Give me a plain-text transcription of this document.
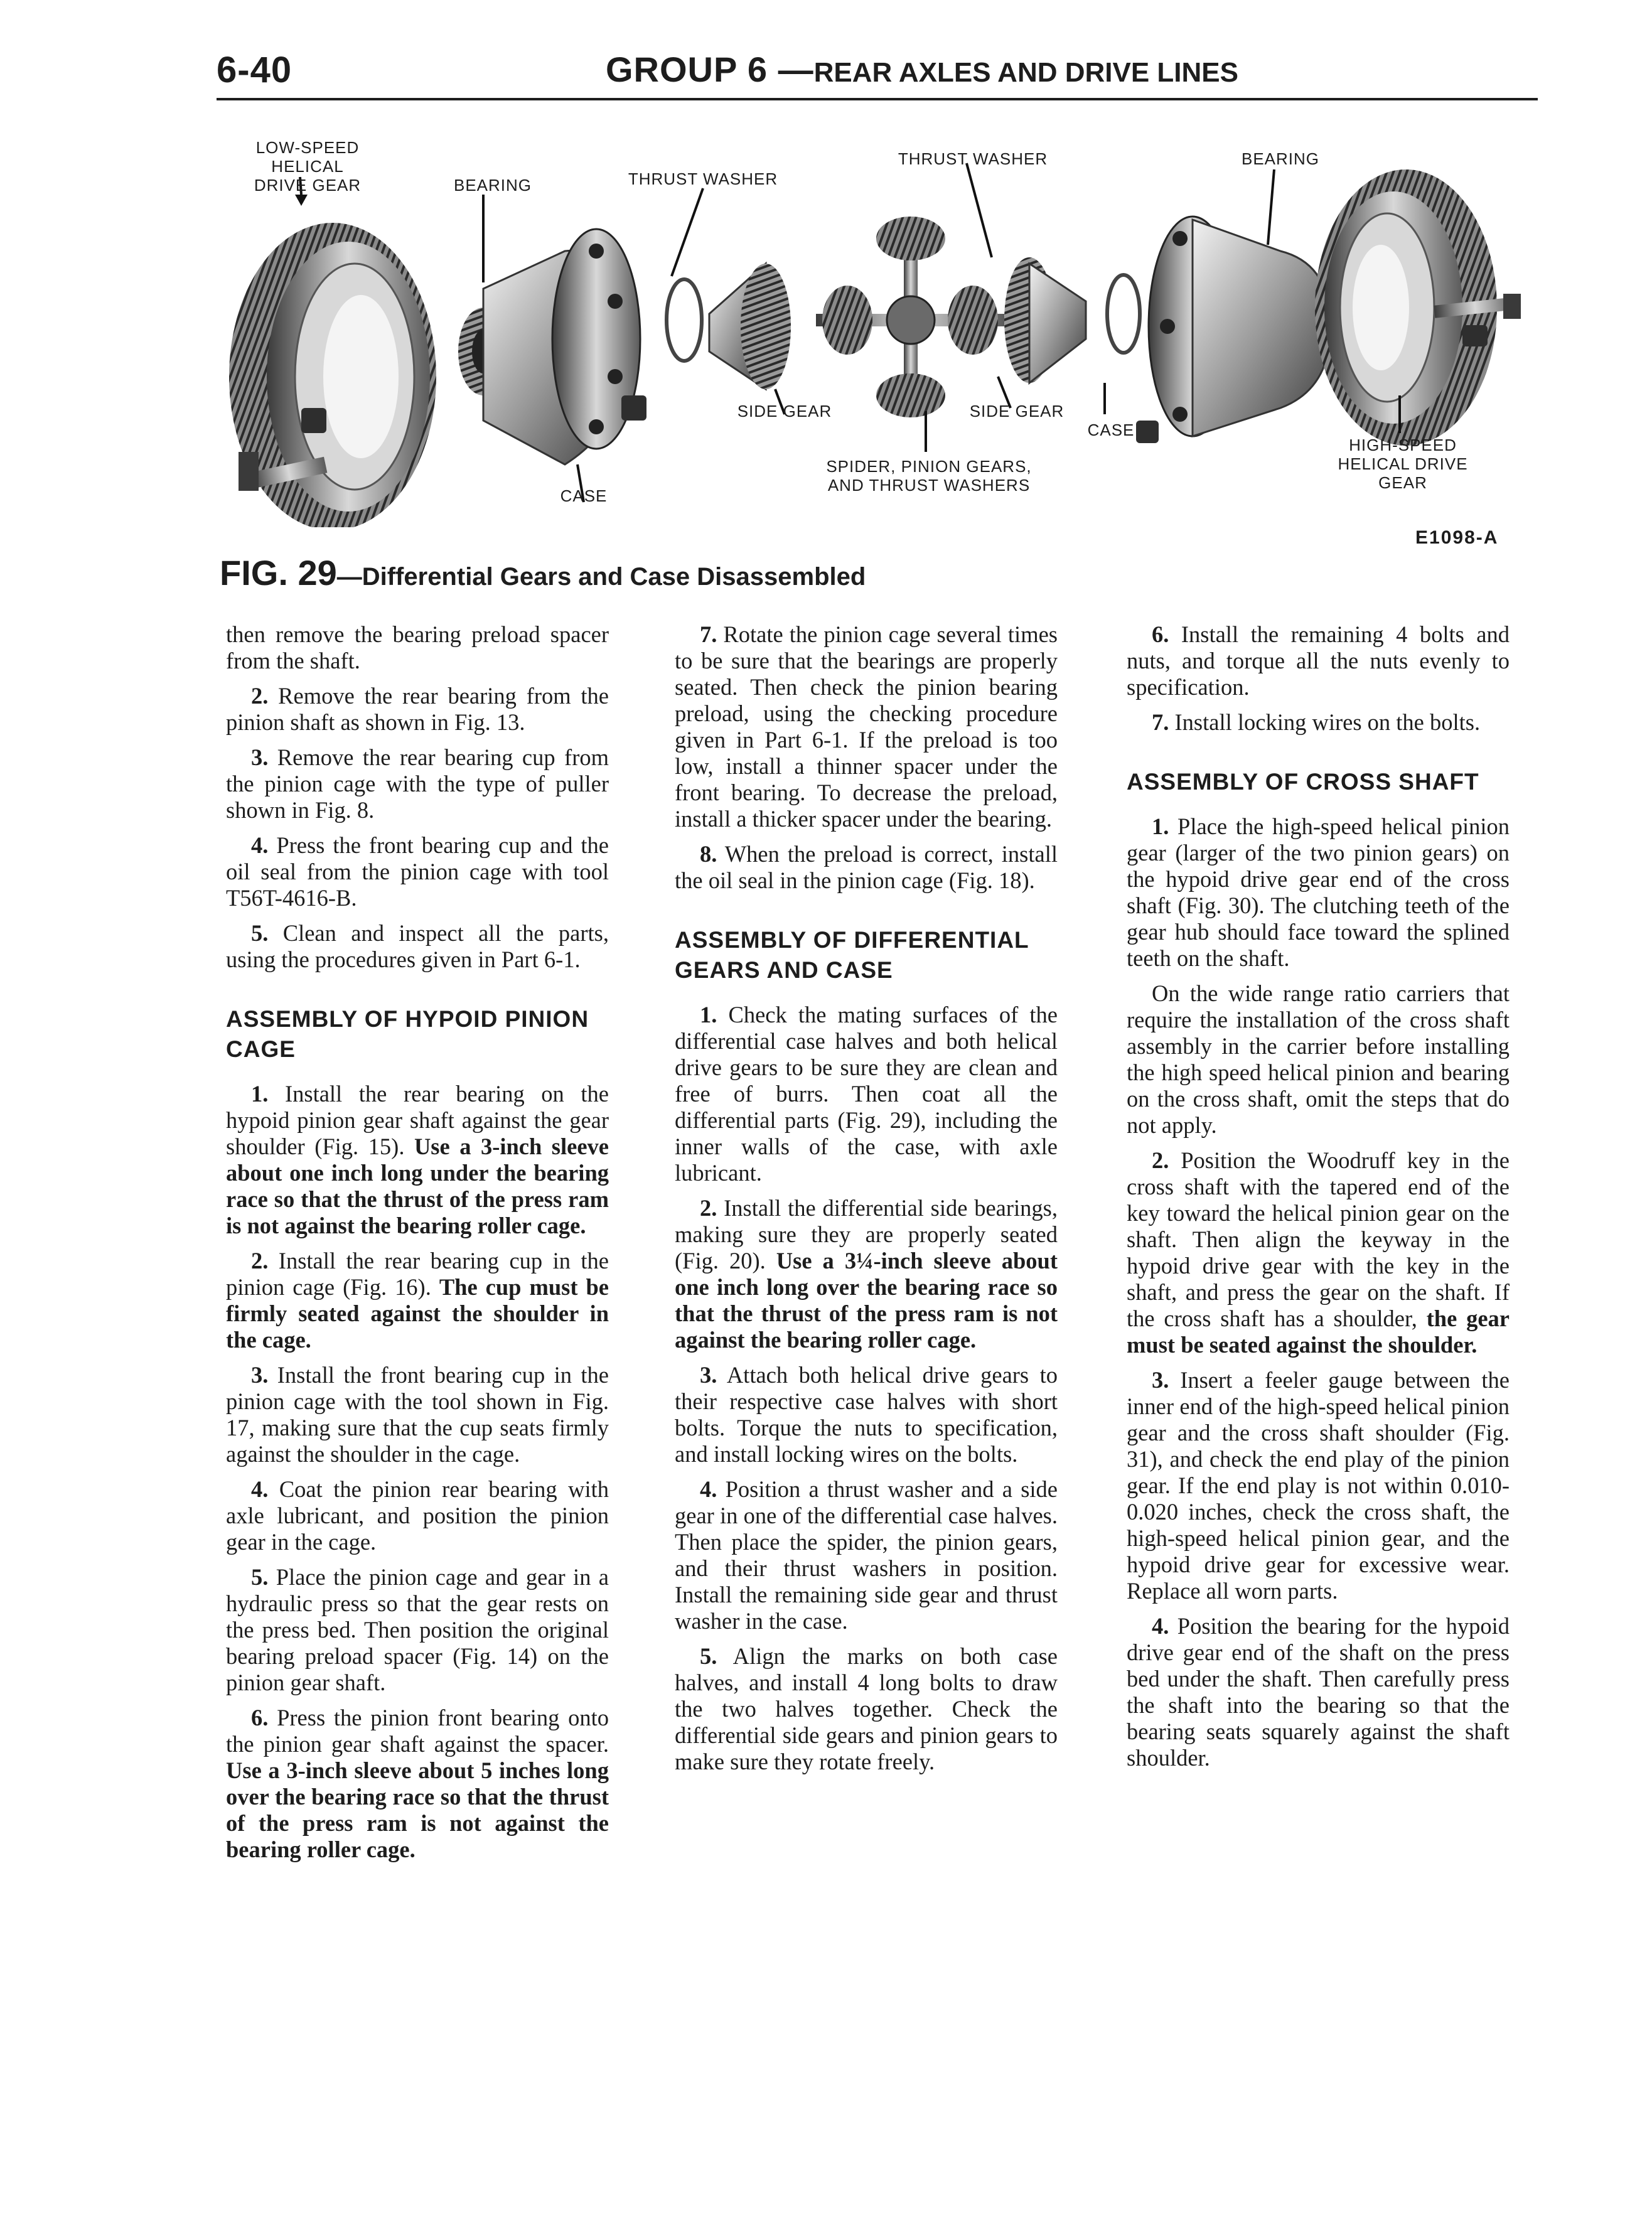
6-40	GROUP 6 —REAR AXLES AND DRIVE LINES
LOW-SPEED HELICAL
DRIVE GEAR	BEARING	THRUST WASHER
THRUST WASHER	BEARING
SIDE GEAR	SIDE GEAR
SPIDER, PINION GEARS,
AND THRUST WASHERS
CASE
CASE
HIGH-SPEED
HELICAL DRIVE
GEAR
E1098-A
FIG. 29—Differential Gears and Case Disassembled

then remove the bearing preload spacer from the shaft.

2. Remove the rear bearing from the pinion shaft as shown in Fig. 13.

3. Remove the rear bearing cup from the pinion cage with the type of puller shown in Fig. 8.

4. Press the front bearing cup and the oil seal from the pinion cage with tool T56T-4616-B.

5. Clean and inspect all the parts, using the procedures given in Part 6-1.

ASSEMBLY OF HYPOID PINION CAGE

1. Install the rear bearing on the hypoid pinion gear shaft against the gear shoulder (Fig. 15). Use a 3-inch sleeve about one inch long under the bearing race so that the thrust of the press ram is not against the bearing roller cage.

2. Install the rear bearing cup in the pinion cage (Fig. 16). The cup must be firmly seated against the shoulder in the cage.

3. Install the front bearing cup in the pinion cage with the tool shown in Fig. 17, making sure that the cup seats firmly against the shoulder in the cage.

4. Coat the pinion rear bearing with axle lubricant, and position the pinion gear in the cage.

5. Place the pinion cage and gear in a hydraulic press so that the gear rests on the press bed. Then position the original bearing preload spacer (Fig. 14) on the pinion gear shaft.

6. Press the pinion front bearing onto the pinion gear shaft against the spacer. Use a 3-inch sleeve about 5 inches long over the bearing race so that the thrust of the press ram is not against the bearing roller cage.

7. Rotate the pinion cage several times to be sure that the bearings are properly seated. Then check the pinion bearing preload, using the checking procedure given in Part 6-1. If the preload is too low, install a thinner spacer under the front bearing. To decrease the preload, install a thicker spacer under the bearing.

8. When the preload is correct, install the oil seal in the pinion cage (Fig. 18).

ASSEMBLY OF DIFFERENTIAL GEARS AND CASE

1. Check the mating surfaces of the differential case halves and both helical drive gears to be sure they are clean and free of burrs. Then coat all the differential parts (Fig. 29), including the inner walls of the case, with axle lubricant.

2. Install the differential side bearings, making sure they are properly seated (Fig. 20). Use a 3¼-inch sleeve about one inch long over the bearing race so that the thrust of the press ram is not against the bearing roller cage.

3. Attach both helical drive gears to their respective case halves with short bolts. Torque the nuts to specification, and install locking wires on the bolts.

4. Position a thrust washer and a side gear in one of the differential case halves. Then place the spider, the pinion gears, and their thrust washers in position. Install the remaining side gear and thrust washer in the case.

5. Align the marks on both case halves, and install 4 long bolts to draw the two halves together. Check the differential side gears and pinion gears to make sure they rotate freely.

6. Install the remaining 4 bolts and nuts, and torque all the nuts evenly to specification.

7. Install locking wires on the bolts.

ASSEMBLY OF CROSS SHAFT

1. Place the high-speed helical pinion gear (larger of the two pinion gears) on the hypoid drive gear end of the cross shaft (Fig. 30). The clutching teeth of the gear hub should face toward the splined teeth on the shaft.

On the wide range ratio carriers that require the installation of the cross shaft assembly in the carrier before installing the high speed helical pinion and bearing on the cross shaft, omit the steps that do not apply.

2. Position the Woodruff key in the cross shaft with the tapered end of the key toward the helical pinion gear on the shaft. Then align the keyway in the hypoid drive gear with the key in the shaft, and press the gear on the shaft. If the cross shaft has a shoulder, the gear must be seated against the shoulder.

3. Insert a feeler gauge between the inner end of the high-speed helical pinion gear and the cross shaft shoulder (Fig. 31), and check the end play of the pinion gear. If the end play is not within 0.010-0.020 inches, check the cross shaft, the high-speed helical pinion gear, and the hypoid drive gear for excessive wear. Replace all worn parts.

4. Position the bearing for the hypoid drive gear end of the shaft on the press bed under the shaft. Then carefully press the shaft into the bearing so that the bearing seats squarely against the shaft shoulder.
